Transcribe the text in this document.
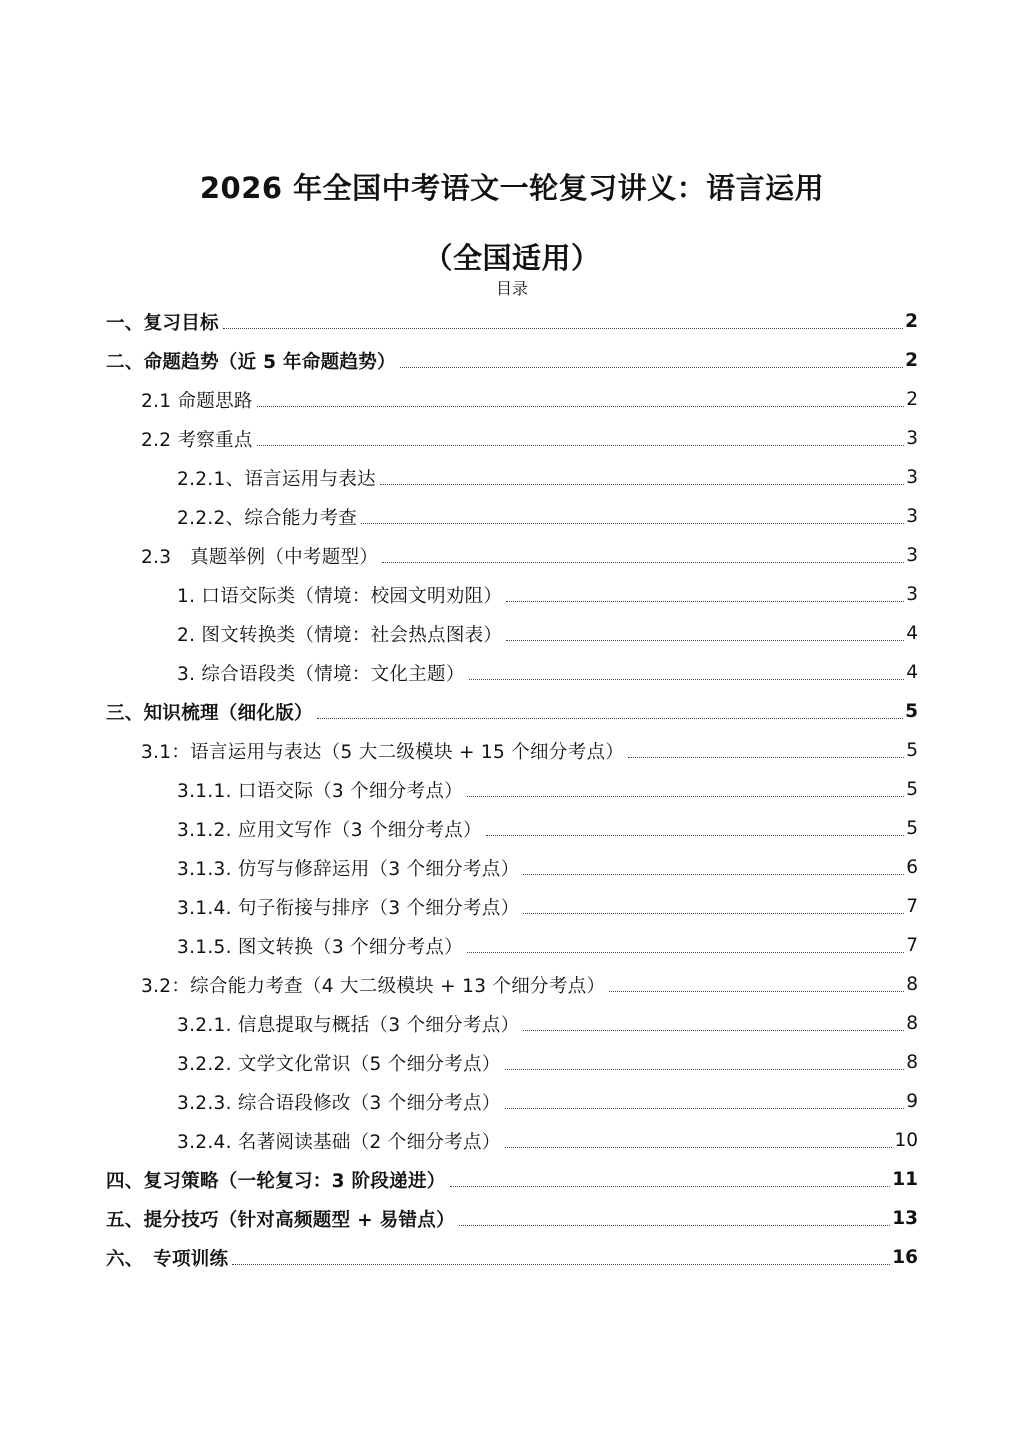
2026 年全国中考语文一轮复习讲义：语言运用
（全国适用）
目录
一、复习目标	2
二、命题趋势（近 5 年命题趋势）	2
2.1 命题思路	2
2.2 考察重点	3
2.2.1、语言运用与表达	3
2.2.2、综合能力考查	3
2.3　真题举例（中考题型）	3
1. 口语交际类（情境：校园文明劝阻）	3
2. 图文转换类（情境：社会热点图表）	4
3. 综合语段类（情境：文化主题）	4
三、知识梳理（细化版）	5
3.1：语言运用与表达（5 大二级模块 + 15 个细分考点）	5
3.1.1. 口语交际（3 个细分考点）	5
3.1.2. 应用文写作（3 个细分考点）	5
3.1.3. 仿写与修辞运用（3 个细分考点）	6
3.1.4. 句子衔接与排序（3 个细分考点）	7
3.1.5. 图文转换（3 个细分考点）	7
3.2：综合能力考查（4 大二级模块 + 13 个细分考点）	8
3.2.1. 信息提取与概括（3 个细分考点）	8
3.2.2. 文学文化常识（5 个细分考点）	8
3.2.3. 综合语段修改（3 个细分考点）	9
3.2.4. 名著阅读基础（2 个细分考点）	10
四、复习策略（一轮复习：3 阶段递进）	11
五、提分技巧（针对高频题型 + 易错点）	13
六、　专项训练	16
